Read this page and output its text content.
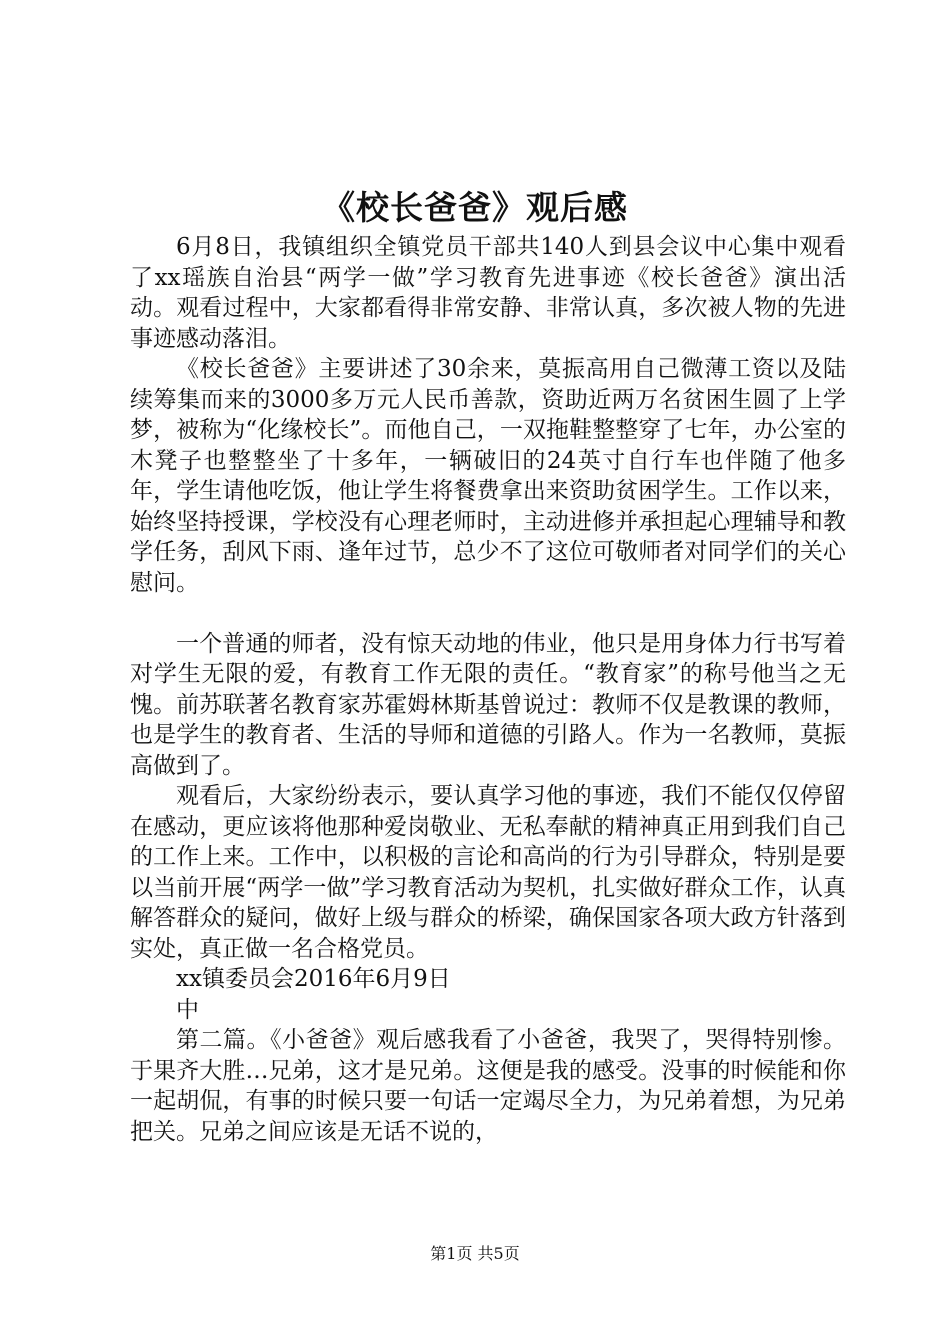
《校长爸爸》观后感

6月8日，我镇组织全镇党员干部共140人到县会议中心集中观看了xx瑶族自治县“两学一做”学习教育先进事迹《校长爸爸》演出活动。观看过程中，大家都看得非常安静、非常认真，多次被人物的先进事迹感动落泪。

《校长爸爸》主要讲述了30余来，莫振高用自己微薄工资以及陆续筹集而来的3000多万元人民币善款，资助近两万名贫困生圆了上学梦，被称为“化缘校长”。而他自己，一双拖鞋整整穿了七年，办公室的木凳子也整整坐了十多年，一辆破旧的24英寸自行车也伴随了他多年，学生请他吃饭，他让学生将餐费拿出来资助贫困学生。工作以来，始终坚持授课，学校没有心理老师时，主动进修并承担起心理辅导和教学任务，刮风下雨、逢年过节，总少不了这位可敬师者对同学们的关心慰问。

一个普通的师者，没有惊天动地的伟业，他只是用身体力行书写着对学生无限的爱，有教育工作无限的责任。“教育家”的称号他当之无愧。前苏联著名教育家苏霍姆林斯基曾说过：教师不仅是教课的教师，也是学生的教育者、生活的导师和道德的引路人。作为一名教师，莫振高做到了。

观看后，大家纷纷表示，要认真学习他的事迹，我们不能仅仅停留在感动，更应该将他那种爱岗敬业、无私奉献的精神真正用到我们自己的工作上来。工作中，以积极的言论和高尚的行为引导群众，特别是要以当前开展“两学一做”学习教育活动为契机，扎实做好群众工作，认真解答群众的疑问，做好上级与群众的桥梁，确保国家各项大政方针落到实处，真正做一名合格党员。

xx镇委员会2016年6月9日

中

第二篇。《小爸爸》观后感我看了小爸爸，我哭了，哭得特别惨。于果齐大胜…兄弟，这才是兄弟。这便是我的感受。没事的时候能和你一起胡侃，有事的时候只要一句话一定竭尽全力，为兄弟着想，为兄弟把关。兄弟之间应该是无话不说的，

第1页 共5页
